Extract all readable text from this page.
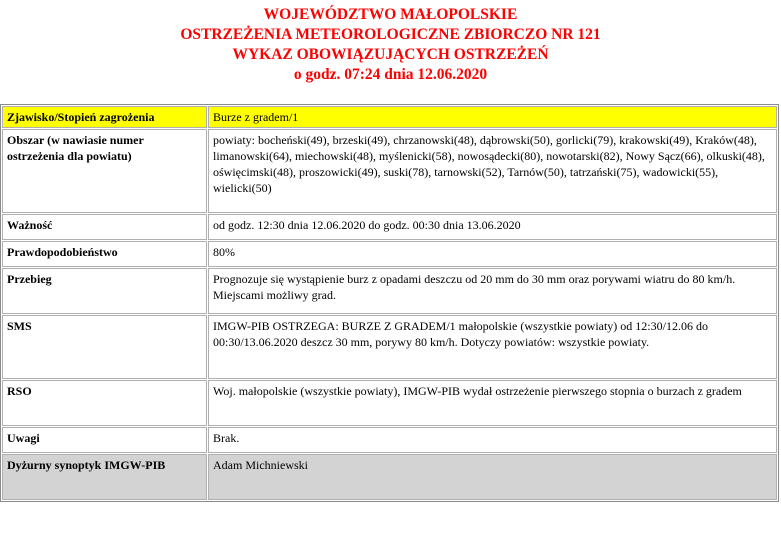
WOJEWÓDZTWO MAŁOPOLSKIE
OSTRZEŻENIA METEOROLOGICZNE ZBIORCZO NR 121
WYKAZ OBOWIĄZUJĄCYCH OSTRZEŻEŃ
o godz. 07:24 dnia 12.06.2020
Zjawisko/Stopień zagrożenia	Burze z gradem/1
Obszar (w nawiasie numer ostrzeżenia dla powiatu)	powiaty: bocheński(49), brzeski(49), chrzanowski(48), dąbrowski(50), gorlicki(79), krakowski(49), Kraków(48), limanowski(64), miechowski(48), myślenicki(58), nowosądecki(80), nowotarski(82), Nowy Sącz(66), olkuski(48), oświęcimski(48), proszowicki(49), suski(78), tarnowski(52), Tarnów(50), tatrzański(75), wadowicki(55), wielicki(50)
Ważność	od godz. 12:30 dnia 12.06.2020 do godz. 00:30 dnia 13.06.2020
Prawdopodobieństwo	80%
Przebieg	Prognozuje się wystąpienie burz z opadami deszczu od 20 mm do 30 mm oraz porywami wiatru do 80 km/h. Miejscami możliwy grad.
SMS	IMGW-PIB OSTRZEGA: BURZE Z GRADEM/1 małopolskie (wszystkie powiaty) od 12:30/12.06 do 00:30/13.06.2020 deszcz 30 mm, porywy 80 km/h. Dotyczy powiatów: wszystkie powiaty.
RSO	Woj. małopolskie (wszystkie powiaty), IMGW-PIB wydał ostrzeżenie pierwszego stopnia o burzach z gradem
Uwagi	Brak.
Dyżurny synoptyk IMGW-PIB	Adam Michniewski
